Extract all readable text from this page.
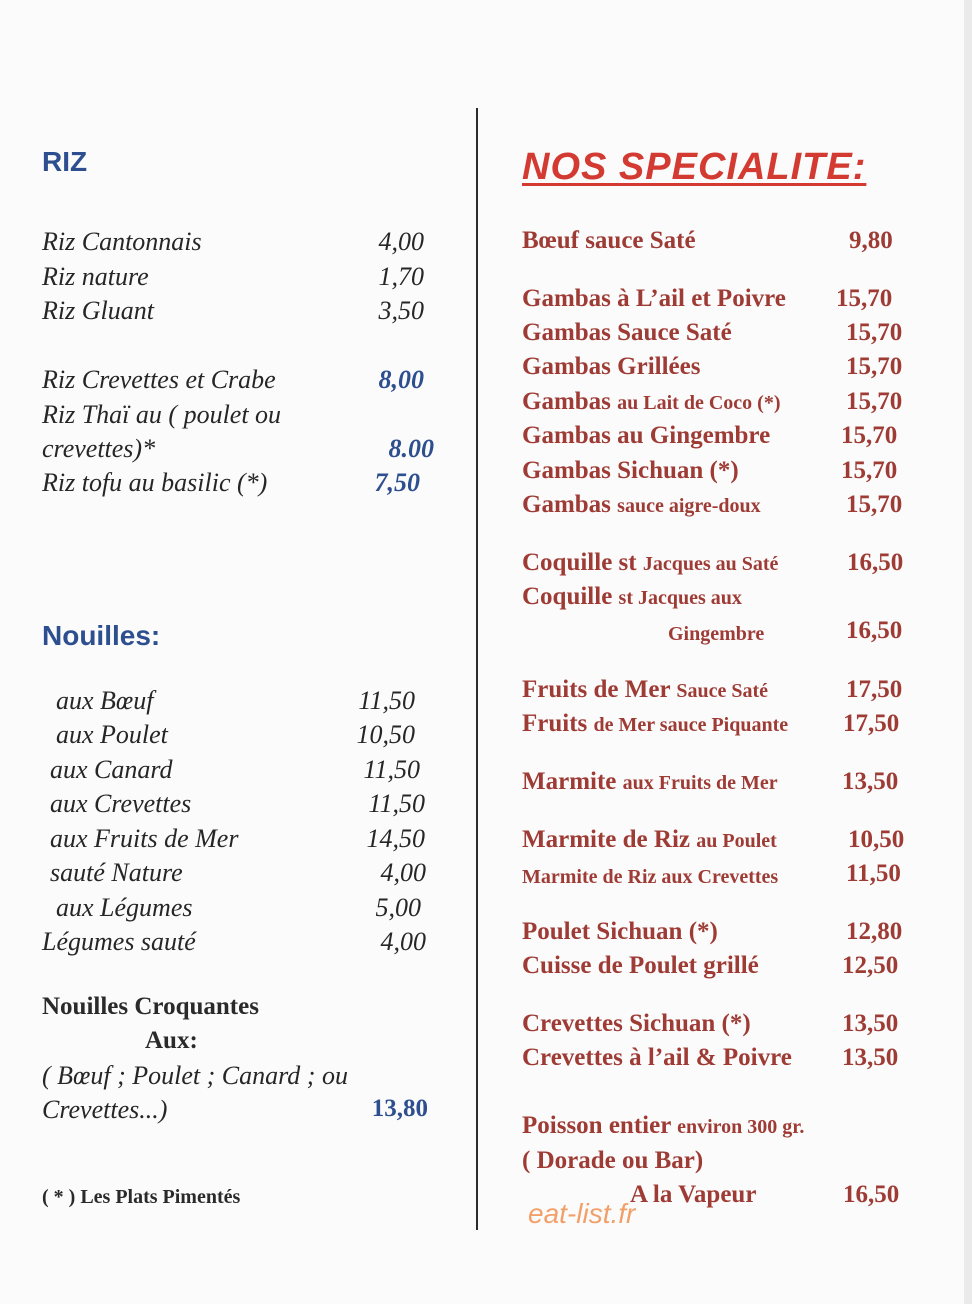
RIZ
Riz Cantonnais	4,00
Riz nature	1,70
Riz Gluant	3,50
Riz Crevettes et Crabe	8,00
Riz Thaï au ( poulet ou
crevettes)*	8.00
Riz tofu au basilic (*)	7,50
Nouilles:
aux Bœuf	11,50
aux Poulet	10,50
aux Canard	11,50
aux Crevettes	11,50
aux Fruits de Mer	14,50
sauté Nature	4,00
aux Légumes	5,00
Légumes sauté	4,00
Nouilles Croquantes
Aux:
( Bœuf ; Poulet ; Canard ; ou
Crevettes...)	13,80
( * ) Les Plats Pimentés
NOS SPECIALITE:
Bœuf sauce Saté	9,80
Gambas à L’ail et Poivre 15,70
Gambas Sauce Saté	15,70
Gambas Grillées	15,70
Gambas au Lait de Coco (*)	15,70
Gambas au Gingembre	15,70
Gambas Sichuan (*)	15,70
Gambas sauce aigre-doux	15,70
Coquille st Jacques au Saté	16,50
Coquille st Jacques aux
Gingembre	16,50
Fruits de Mer Sauce Saté	17,50
Fruits de Mer sauce Piquante 17,50
Marmite aux Fruits de Mer	13,50
Marmite de Riz au Poulet	10,50
Marmite de Riz aux Crevettes	11,50
Poulet Sichuan (*)	12,80
Cuisse de Poulet grillé	12,50
Crevettes Sichuan (*)	13,50
Crevettes à l’ail & Poivre 13,50
Poisson entier environ 300 gr.
( Dorade ou Bar)
A la Vapeur	16,50
eat-list.fr
